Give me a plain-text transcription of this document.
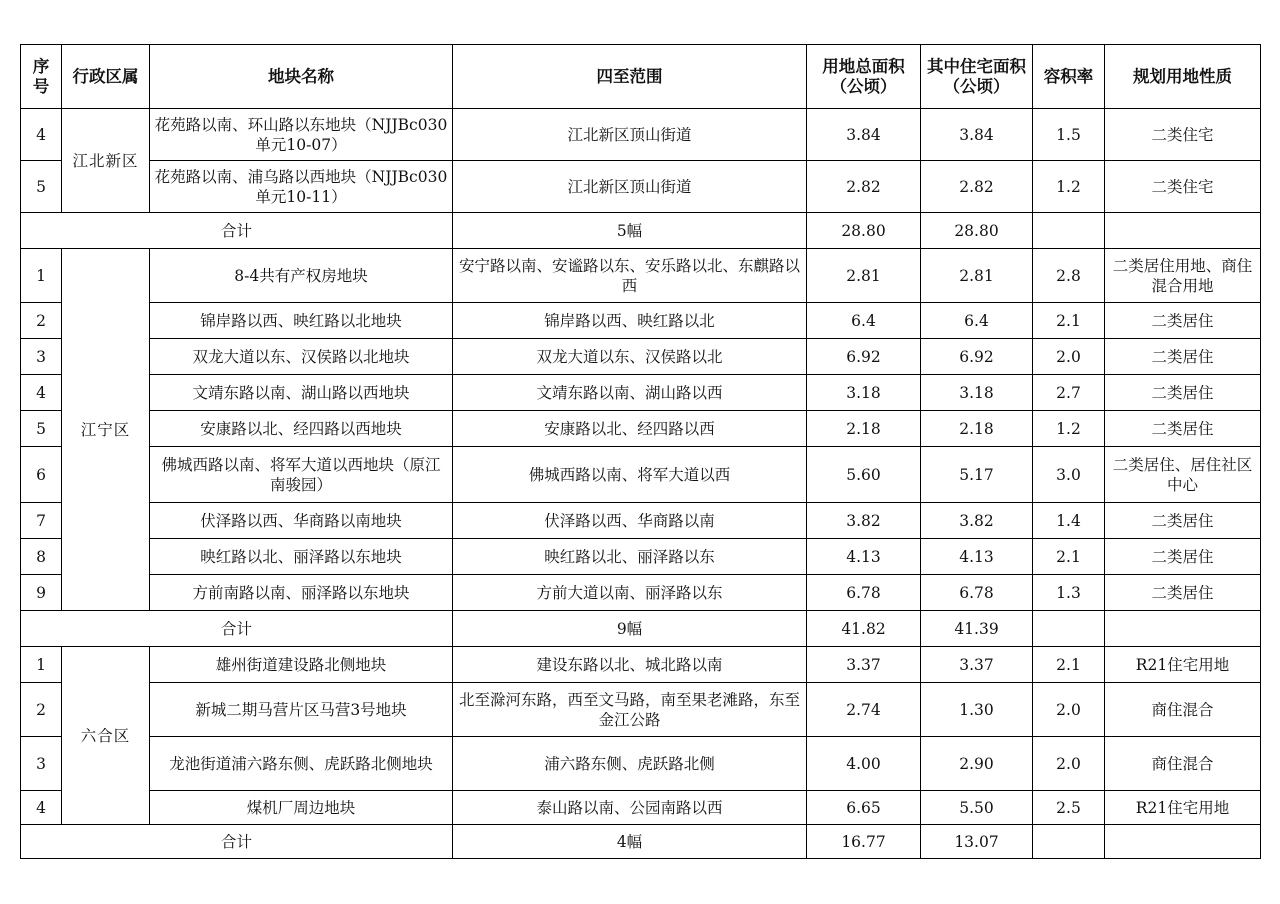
序号	行政区属	地块名称	四至范围	用地总面积（公顷）	其中住宅面积（公顷）	容积率	规划用地性质
4	江北新区	花苑路以南、环山路以东地块（NJJBc030单元10-07）	江北新区顶山街道	3.84	3.84	1.5	二类住宅
5		花苑路以南、浦乌路以西地块（NJJBc030单元10-11）	江北新区顶山街道	2.82	2.82	1.2	二类住宅
合计			5幅	28.80	28.80		
1	江宁区	8-4共有产权房地块	安宁路以南、安谧路以东、安乐路以北、东麒路以西	2.81	2.81	2.8	二类居住用地、商住混合用地
2		锦岸路以西、映红路以北地块	锦岸路以西、映红路以北	6.4	6.4	2.1	二类居住
3		双龙大道以东、汉侯路以北地块	双龙大道以东、汉侯路以北	6.92	6.92	2.0	二类居住
4		文靖东路以南、湖山路以西地块	文靖东路以南、湖山路以西	3.18	3.18	2.7	二类居住
5		安康路以北、经四路以西地块	安康路以北、经四路以西	2.18	2.18	1.2	二类居住
6		佛城西路以南、将军大道以西地块（原江南骏园）	佛城西路以南、将军大道以西	5.60	5.17	3.0	二类居住、居住社区中心
7		伏泽路以西、华商路以南地块	伏泽路以西、华商路以南	3.82	3.82	1.4	二类居住
8		映红路以北、丽泽路以东地块	映红路以北、丽泽路以东	4.13	4.13	2.1	二类居住
9		方前南路以南、丽泽路以东地块	方前大道以南、丽泽路以东	6.78	6.78	1.3	二类居住
合计			9幅	41.82	41.39		
1	六合区	雄州街道建设路北侧地块	建设东路以北、城北路以南	3.37	3.37	2.1	R21住宅用地
2		新城二期马营片区马营3号地块	北至滁河东路，西至文马路，南至果老滩路，东至金江公路	2.74	1.30	2.0	商住混合
3		龙池街道浦六路东侧、虎跃路北侧地块	浦六路东侧、虎跃路北侧	4.00	2.90	2.0	商住混合
4		煤机厂周边地块	泰山路以南、公园南路以西	6.65	5.50	2.5	R21住宅用地
合计			4幅	16.77	13.07		
